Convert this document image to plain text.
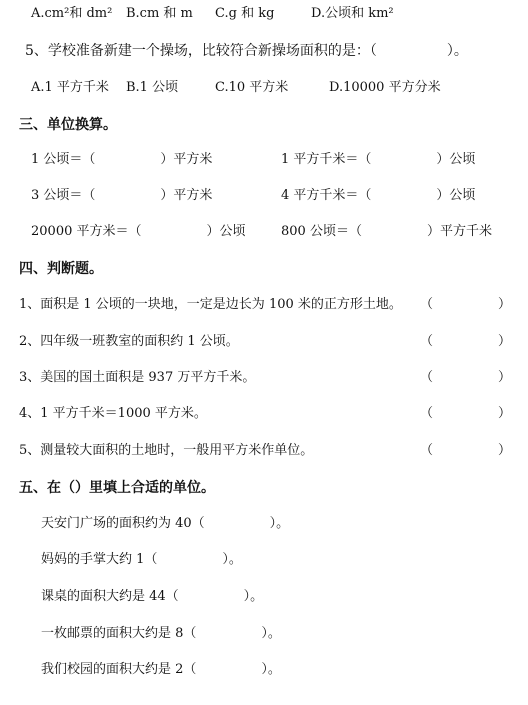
A.cm²和 dm² B.cm 和 m C.g 和 kg	D.公顷和 km²
5、学校准备新建一个操场，比较符合新操场面积的是：（　　　　　）。
A.1 平方千米 B.1 公顷	C.10 平方米	D.10000 平方分米
三、单位换算。
1 公顷＝（　　　　　）平方米	1 平方千米＝（　　　　　）公顷
3 公顷＝（　　　　　）平方米	4 平方千米＝（　　　　　）公顷
20000 平方米＝（　　　　　）公顷	800 公顷＝（　　　　　）平方千米
四、判断题。
1、面积是 1 公顷的一块地，一定是边长为 100 米的正方形土地。 （　　　　　）
2、四年级一班教室的面积约 1 公顷。	（　　　　　）
3、美国的国土面积是 937 万平方千米。	（　　　　　）
4、1 平方千米＝1000 平方米。	（　　　　　）
5、测量较大面积的土地时，一般用平方米作单位。	（　　　　　）
五、在（）里填上合适的单位。
天安门广场的面积约为 40（　　　　　）。
妈妈的手掌大约 1（　　　　　）。
课桌的面积大约是 44（　　　　　）。
一枚邮票的面积大约是 8（　　　　　）。
我们校园的面积大约是 2（　　　　　）。
